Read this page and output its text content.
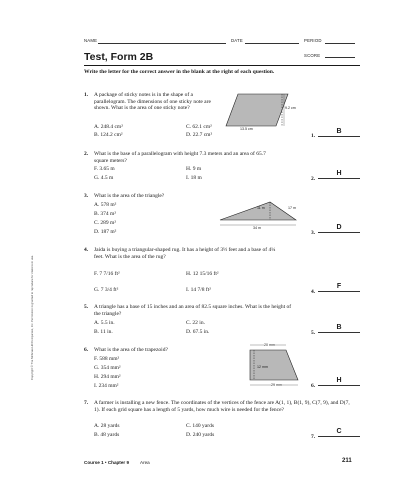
NAME	DATE	PERIOD
Test, Form 2B	SCORE
Write the letter for the correct answer in the blank at the right of each question.
1. A package of sticky notes is in the shape of a parallelogram. The dimensions of one sticky note are shown. What is the area of one sticky note?	9.2 cm
13.5 cm
A. 248.4 cm²	C. 62.1 cm²
B. 124.2 cm²	D. 22.7 cm²	1.
B
2. What is the base of a parallelogram with height 7.3 meters and an area of 65.7 square meters?
F. 3.65 m	H. 9 m
G. 4.5 m	I. 18 m	2.
H
3. What is the area of the triangle?
11 m	17 m
34 m
A. 578 m²
B. 374 m²
C. 289 m²
D. 187 m²	3.
D
4. Jaida is buying a triangular-shaped rug. It has a height of 3½ feet and a base of 4¼ feet. What is the area of the rug?
F. 7 7/16 ft²	H. 12 15/16 ft²
G. 7 3/4 ft²	I. 14 7/8 ft²	4.
F
5. A triangle has a base of 15 inches and an area of 82.5 square inches. What is the height of the triangle?
A. 5.5 in.	C. 22 in.
B. 11 in.	D. 67.5 in.	5.
B
6. What is the area of the trapezoid?
20 mm
12 mm
29 mm
F. 588 mm²
G. 354 mm²
H. 294 mm²
I. 234 mm²	6.
H
7. A farmer is installing a new fence. The coordinates of the vertices of the fence are A(1, 1), B(1, 9), C(7, 9), and D(7, 1). If each grid square has a length of 5 yards, how much wire is needed for the fence?
A. 28 yards	C. 140 yards
B. 48 yards	D. 240 yards	7.
C
Copyright © The McGraw-Hill Companies, Inc. Permission is granted to reproduce for classroom use.
Course 1 • Chapter 9 Area	211
